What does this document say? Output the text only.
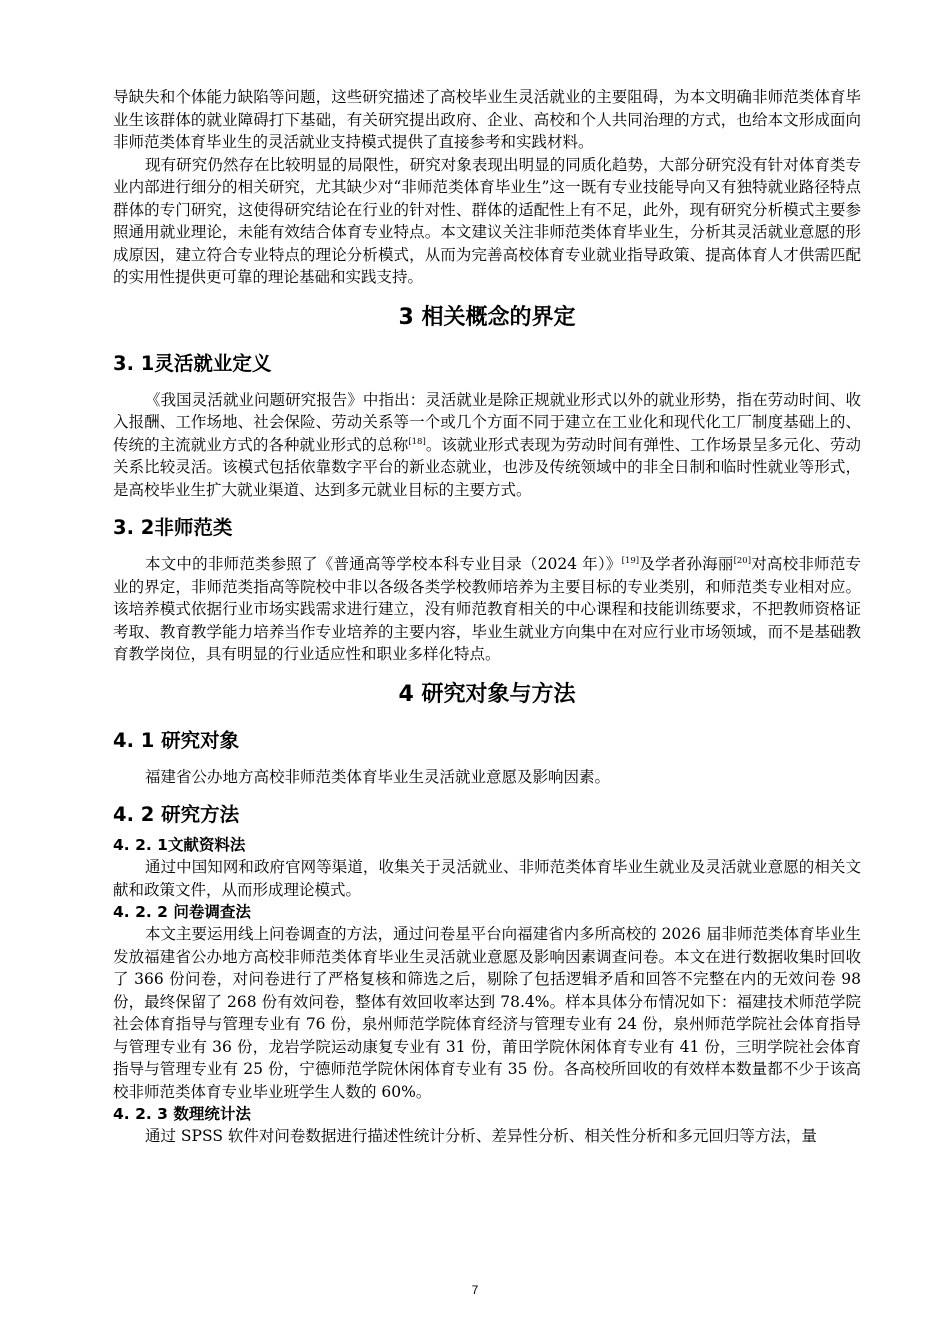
导缺失和个体能力缺陷等问题，这些研究描述了高校毕业生灵活就业的主要阻碍，为本文明确非师范类体育毕业生该群体的就业障碍打下基础，有关研究提出政府、企业、高校和个人共同治理的方式，也给本文形成面向非师范类体育毕业生的灵活就业支持模式提供了直接参考和实践材料。

现有研究仍然存在比较明显的局限性，研究对象表现出明显的同质化趋势，大部分研究没有针对体育类专业内部进行细分的相关研究，尤其缺少对“非师范类体育毕业生”这一既有专业技能导向又有独特就业路径特点群体的专门研究，这使得研究结论在行业的针对性、群体的适配性上有不足，此外，现有研究分析模式主要参照通用就业理论，未能有效结合体育专业特点。本文建议关注非师范类体育毕业生，分析其灵活就业意愿的形成原因，建立符合专业特点的理论分析模式，从而为完善高校体育专业就业指导政策、提高体育人才供需匹配的实用性提供更可靠的理论基础和实践支持。

3 相关概念的界定
3. 1灵活就业定义

《我国灵活就业问题研究报告》中指出：灵活就业是除正规就业形式以外的就业形势，指在劳动时间、收入报酬、工作场地、社会保险、劳动关系等一个或几个方面不同于建立在工业化和现代化工厂制度基础上的、传统的主流就业方式的各种就业形式的总称[18]。该就业形式表现为劳动时间有弹性、工作场景呈多元化、劳动关系比较灵活。该模式包括依靠数字平台的新业态就业，也涉及传统领域中的非全日制和临时性就业等形式，是高校毕业生扩大就业渠道、达到多元就业目标的主要方式。

3. 2非师范类

本文中的非师范类参照了《普通高等学校本科专业目录（2024 年）》[19]及学者孙海丽[20]对高校非师范专业的界定，非师范类指高等院校中非以各级各类学校教师培养为主要目标的专业类别，和师范类专业相对应。该培养模式依据行业市场实践需求进行建立，没有师范教育相关的中心课程和技能训练要求，不把教师资格证考取、教育教学能力培养当作专业培养的主要内容，毕业生就业方向集中在对应行业市场领域，而不是基础教育教学岗位，具有明显的行业适应性和职业多样化特点。

4 研究对象与方法
4. 1 研究对象

福建省公办地方高校非师范类体育毕业生灵活就业意愿及影响因素。

4. 2 研究方法
4. 2. 1文献资料法

通过中国知网和政府官网等渠道，收集关于灵活就业、非师范类体育毕业生就业及灵活就业意愿的相关文献和政策文件，从而形成理论模式。

4. 2. 2 问卷调查法

本文主要运用线上问卷调查的方法，通过问卷星平台向福建省内多所高校的 2026 届非师范类体育毕业生发放福建省公办地方高校非师范类体育毕业生灵活就业意愿及影响因素调查问卷。本文在进行数据收集时回收了 366 份问卷，对问卷进行了严格复核和筛选之后，剔除了包括逻辑矛盾和回答不完整在内的无效问卷 98 份，最终保留了 268 份有效问卷，整体有效回收率达到 78.4%。样本具体分布情况如下：福建技术师范学院社会体育指导与管理专业有 76 份，泉州师范学院体育经济与管理专业有 24 份，泉州师范学院社会体育指导与管理专业有 36 份，龙岩学院运动康复专业有 31 份，莆田学院休闲体育专业有 41 份，三明学院社会体育指导与管理专业有 25 份，宁德师范学院休闲体育专业有 35 份。各高校所回收的有效样本数量都不少于该高校非师范类体育专业毕业班学生人数的 60%。

4. 2. 3 数理统计法

通过 SPSS 软件对问卷数据进行描述性统计分析、差异性分析、相关性分析和多元回归等方法，量

7
